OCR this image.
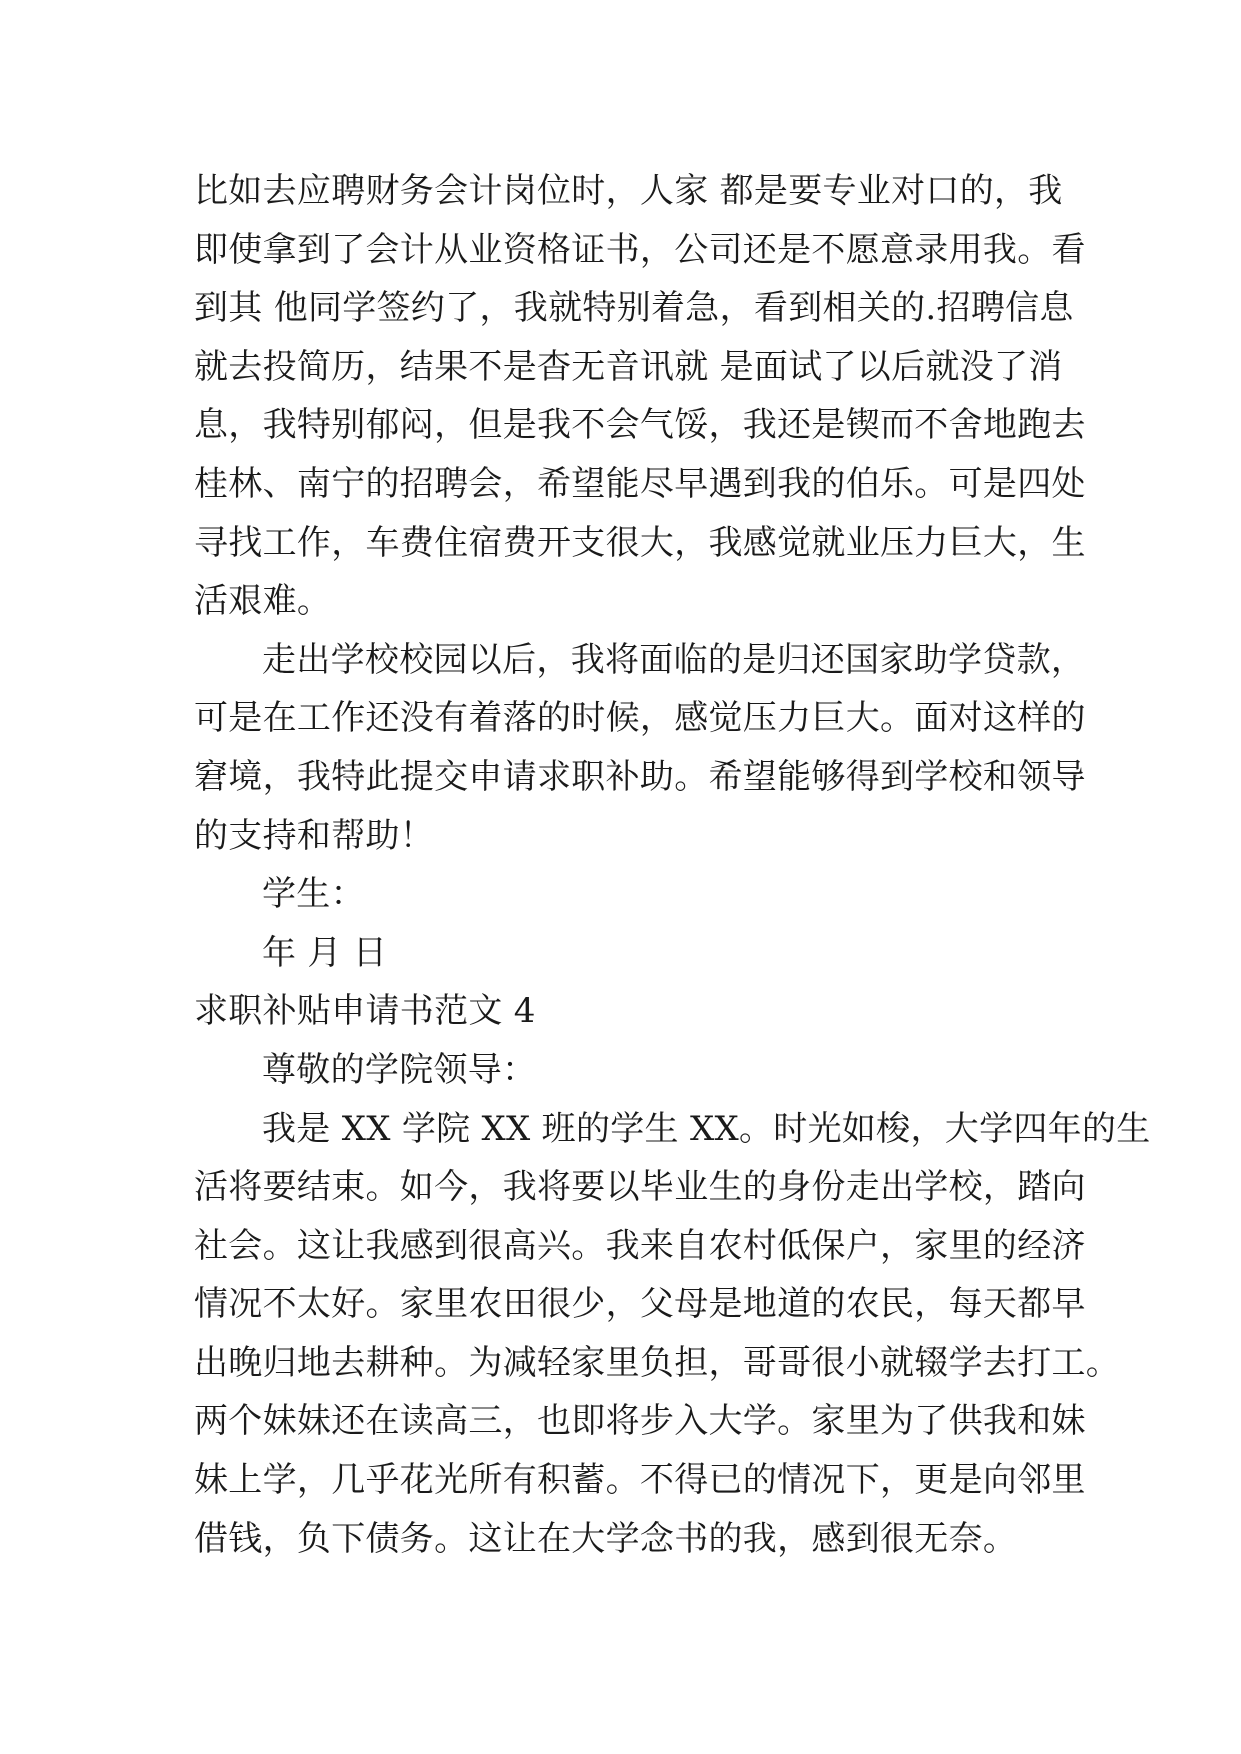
比如去应聘财务会计岗位时，人家 都是要专业对口的，我
即使拿到了会计从业资格证书，公司还是不愿意录用我。看
到其 他同学签约了，我就特别着急，看到相关的.招聘信息
就去投简历，结果不是杳无音讯就 是面试了以后就没了消
息，我特别郁闷，但是我不会气馁，我还是锲而不舍地跑去
桂林、南宁的招聘会，希望能尽早遇到我的伯乐。可是四处
寻找工作，车费住宿费开支很大，我感觉就业压力巨大，生
活艰难。
走出学校校园以后，我将面临的是归还国家助学贷款，
可是在工作还没有着落的时候，感觉压力巨大。面对这样的
窘境，我特此提交申请求职补助。希望能够得到学校和领导
的支持和帮助！
学生：
年 月 日
求职补贴申请书范文 4
尊敬的学院领导：
我是 XX 学院 XX 班的学生 XX。时光如梭，大学四年的生
活将要结束。如今，我将要以毕业生的身份走出学校，踏向
社会。这让我感到很高兴。我来自农村低保户，家里的经济
情况不太好。家里农田很少，父母是地道的农民，每天都早
出晚归地去耕种。为减轻家里负担，哥哥很小就辍学去打工。
两个妹妹还在读高三，也即将步入大学。家里为了供我和妹
妹上学，几乎花光所有积蓄。不得已的情况下，更是向邻里
借钱，负下债务。这让在大学念书的我，感到很无奈。
